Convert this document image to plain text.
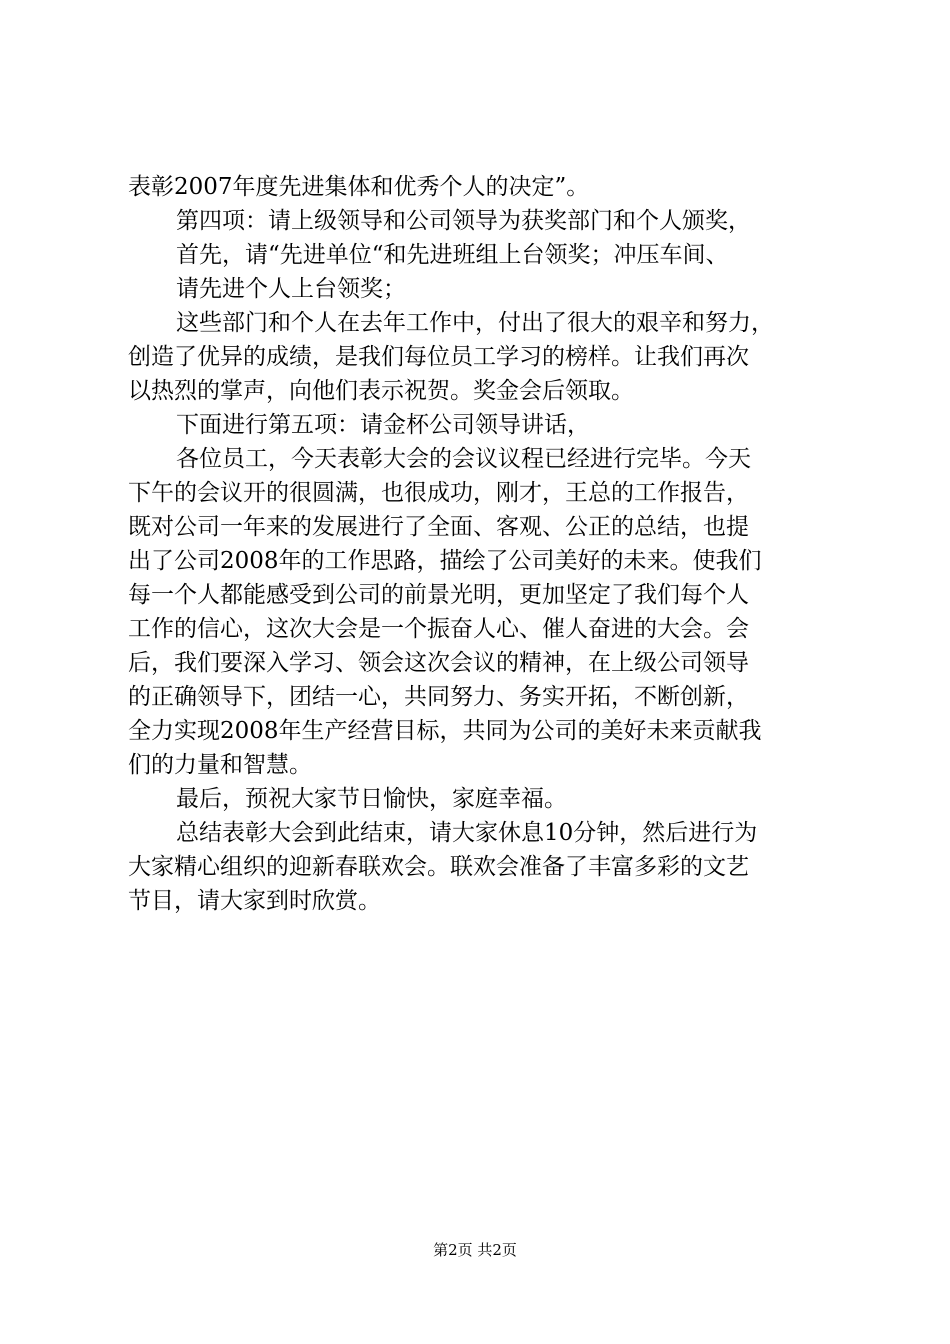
表彰2007年度先进集体和优秀个人的决定”。
第四项：请上级领导和公司领导为获奖部门和个人颁奖，
首先，请“先进单位“和先进班组上台领奖；冲压车间、
请先进个人上台领奖；
这些部门和个人在去年工作中，付出了很大的艰辛和努力，
创造了优异的成绩，是我们每位员工学习的榜样。让我们再次
以热烈的掌声，向他们表示祝贺。奖金会后领取。
下面进行第五项：请金杯公司领导讲话，
各位员工，今天表彰大会的会议议程已经进行完毕。今天
下午的会议开的很圆满，也很成功，刚才，王总的工作报告，
既对公司一年来的发展进行了全面、客观、公正的总结，也提
出了公司2008年的工作思路，描绘了公司美好的未来。使我们
每一个人都能感受到公司的前景光明，更加坚定了我们每个人
工作的信心，这次大会是一个振奋人心、催人奋进的大会。会
后，我们要深入学习、领会这次会议的精神，在上级公司领导
的正确领导下，团结一心，共同努力、务实开拓，不断创新，
全力实现2008年生产经营目标，共同为公司的美好未来贡献我
们的力量和智慧。
最后，预祝大家节日愉快，家庭幸福。
总结表彰大会到此结束，请大家休息10分钟，然后进行为
大家精心组织的迎新春联欢会。联欢会准备了丰富多彩的文艺
节目，请大家到时欣赏。
第2页 共2页
